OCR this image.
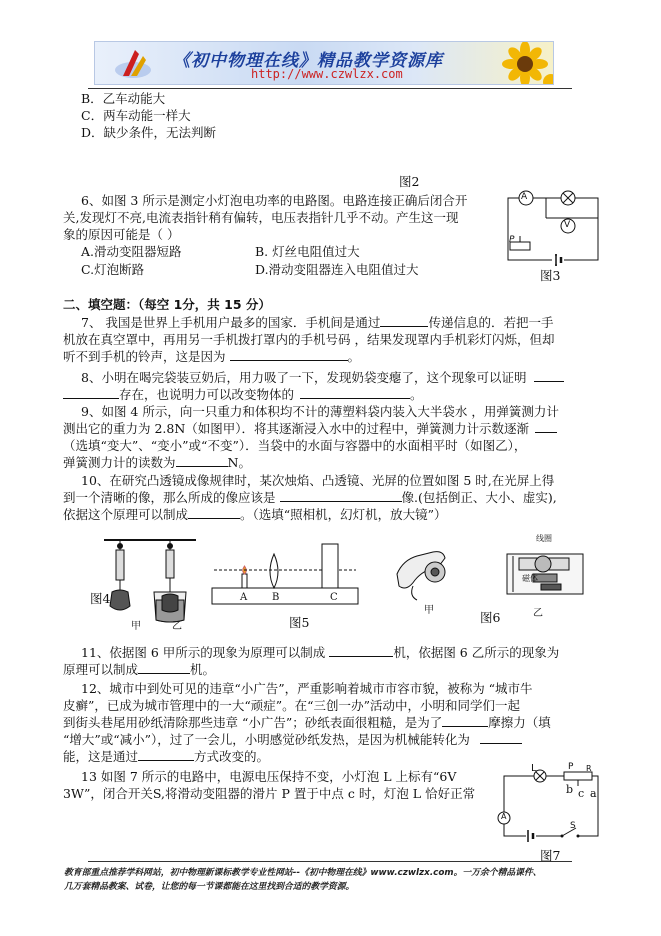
《初中物理在线》精品教学资源库
http://www.czwlzx.com
B．乙车动能大
C．两车动能一样大
D．缺少条件，无法判断
图2
6、如图 3 所示是测定小灯泡电功率的电路图。电路连接正确后闭合开
关,发现灯不亮,电流表指针稍有偏转，电压表指针几乎不动。产生这一现
象的原因可能是（ ）
A.滑动变阻器短路	B. 灯丝电阻值过大
C.灯泡断路	D.滑动变阻器连入电阻值过大
A
V
P
图3
二、填空题：（每空 1分，共 15 分）
7、 我国是世界上手机用户最多的国家．手机间是通过	传递信息的．若把一手
机放在真空罩中，再用另一手机拨打罩内的手机号码 ，结果发现罩内手机彩灯闪烁，但却
听不到手机的铃声，这是因为	。
8、小明在喝完袋装豆奶后，用力吸了一下，发现奶袋变瘪了，这个现象可以证明
存在，也说明力可以改变物体的	。
9、如图 4 所示，向一只重力和体积均不计的薄塑料袋内装入大半袋水 ，用弹簧测力计
测出它的重力为 2.8N（如图甲）．将其逐渐浸入水中的过程中，弹簧测力计示数逐渐
（选填“变大”、“变小”或“不变”）．当袋中的水面与容器中的水面相平时（如图乙），
弹簧测力计的读数为	N。
10、在研究凸透镜成像规律时，某次烛焰、凸透镜、光屏的位置如图 5 时,在光屏上得
到一个清晰的像，那么所成的像应该是	像.(包括倒正、大小、虚实),
依据这个原理可以制成	。（选填“照相机，幻灯机，放大镜”）
图4
甲	乙
A B	C
图5
线圈
磁体
甲	图6	乙
11、依据图 6 甲所示的现象为原理可以制成	机，依据图 6 乙所示的现象为
原理可以制成	机。
12、城市中到处可见的违章“小广告”，严重影响着城市市容市貌，被称为 “城市牛
皮癣”，已成为城市管理中的一大“顽症”。在“三创一办”活动中，小明和同学们一起
到街头巷尾用砂纸清除那些违章 “小广告”；砂纸表面很粗糙，是为了	摩擦力（填
“增大”或“减小”），过了一会儿，小明感觉砂纸发热，是因为机械能转化为
能，这是通过	方式改变的。
13 如图 7 所示的电路中，电源电压保持不变，小灯泡 L 上标有“6V
3W”，闭合开关S,将滑动变阻器的滑片 P 置于中点 c 时，灯泡 L 恰好正常
L	P R
b c a
A
S
图7
教育部重点推荐学科网站，初中物理新课标教学专业性网站--《初中物理在线》www.czwlzx.com。一万余个精品课件、
几万套精品教案、试卷，让您的每一节课都能在这里找到合适的教学资源。
